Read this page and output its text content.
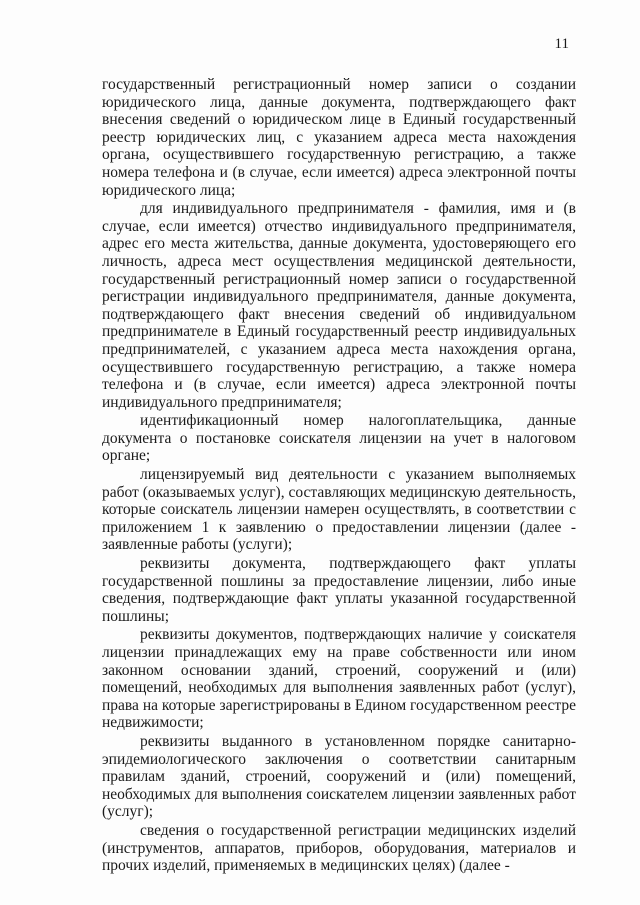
11

государственный регистрационный номер записи о создании юридического лица, данные документа, подтверждающего факт внесения сведений о юридическом лице в Единый государственный реестр юридических лиц, с указанием адреса места нахождения органа, осуществившего государственную регистрацию, а также номера телефона и (в случае, если имеется) адреса электронной почты юридического лица;

для индивидуального предпринимателя - фамилия, имя и (в случае, если имеется) отчество индивидуального предпринимателя, адрес его места жительства, данные документа, удостоверяющего его личность, адреса мест осуществления медицинской деятельности, государственный регистрационный номер записи о государственной регистрации индивидуального предпринимателя, данные документа, подтверждающего факт внесения сведений об индивидуальном предпринимателе в Единый государственный реестр индивидуальных предпринимателей, с указанием адреса места нахождения органа, осуществившего государственную регистрацию, а также номера телефона и (в случае, если имеется) адреса электронной почты индивидуального предпринимателя;

идентификационный номер налогоплательщика, данные документа о постановке соискателя лицензии на учет в налоговом органе;

лицензируемый вид деятельности с указанием выполняемых работ (оказываемых услуг), составляющих медицинскую деятельность, которые соискатель лицензии намерен осуществлять, в соответствии с приложением 1 к заявлению о предоставлении лицензии (далее - заявленные работы (услуги);

реквизиты документа, подтверждающего факт уплаты государственной пошлины за предоставление лицензии, либо иные сведения, подтверждающие факт уплаты указанной государственной пошлины;

реквизиты документов, подтверждающих наличие у соискателя лицензии принадлежащих ему на праве собственности или ином законном основании зданий, строений, сооружений и (или) помещений, необходимых для выполнения заявленных работ (услуг), права на которые зарегистрированы в Едином государственном реестре недвижимости;

реквизиты выданного в установленном порядке санитарно-эпидемиологического заключения о соответствии санитарным правилам зданий, строений, сооружений и (или) помещений, необходимых для выполнения соискателем лицензии заявленных работ (услуг);

сведения о государственной регистрации медицинских изделий (инструментов, аппаратов, приборов, оборудования, материалов и прочих изделий, применяемых в медицинских целях) (далее -
